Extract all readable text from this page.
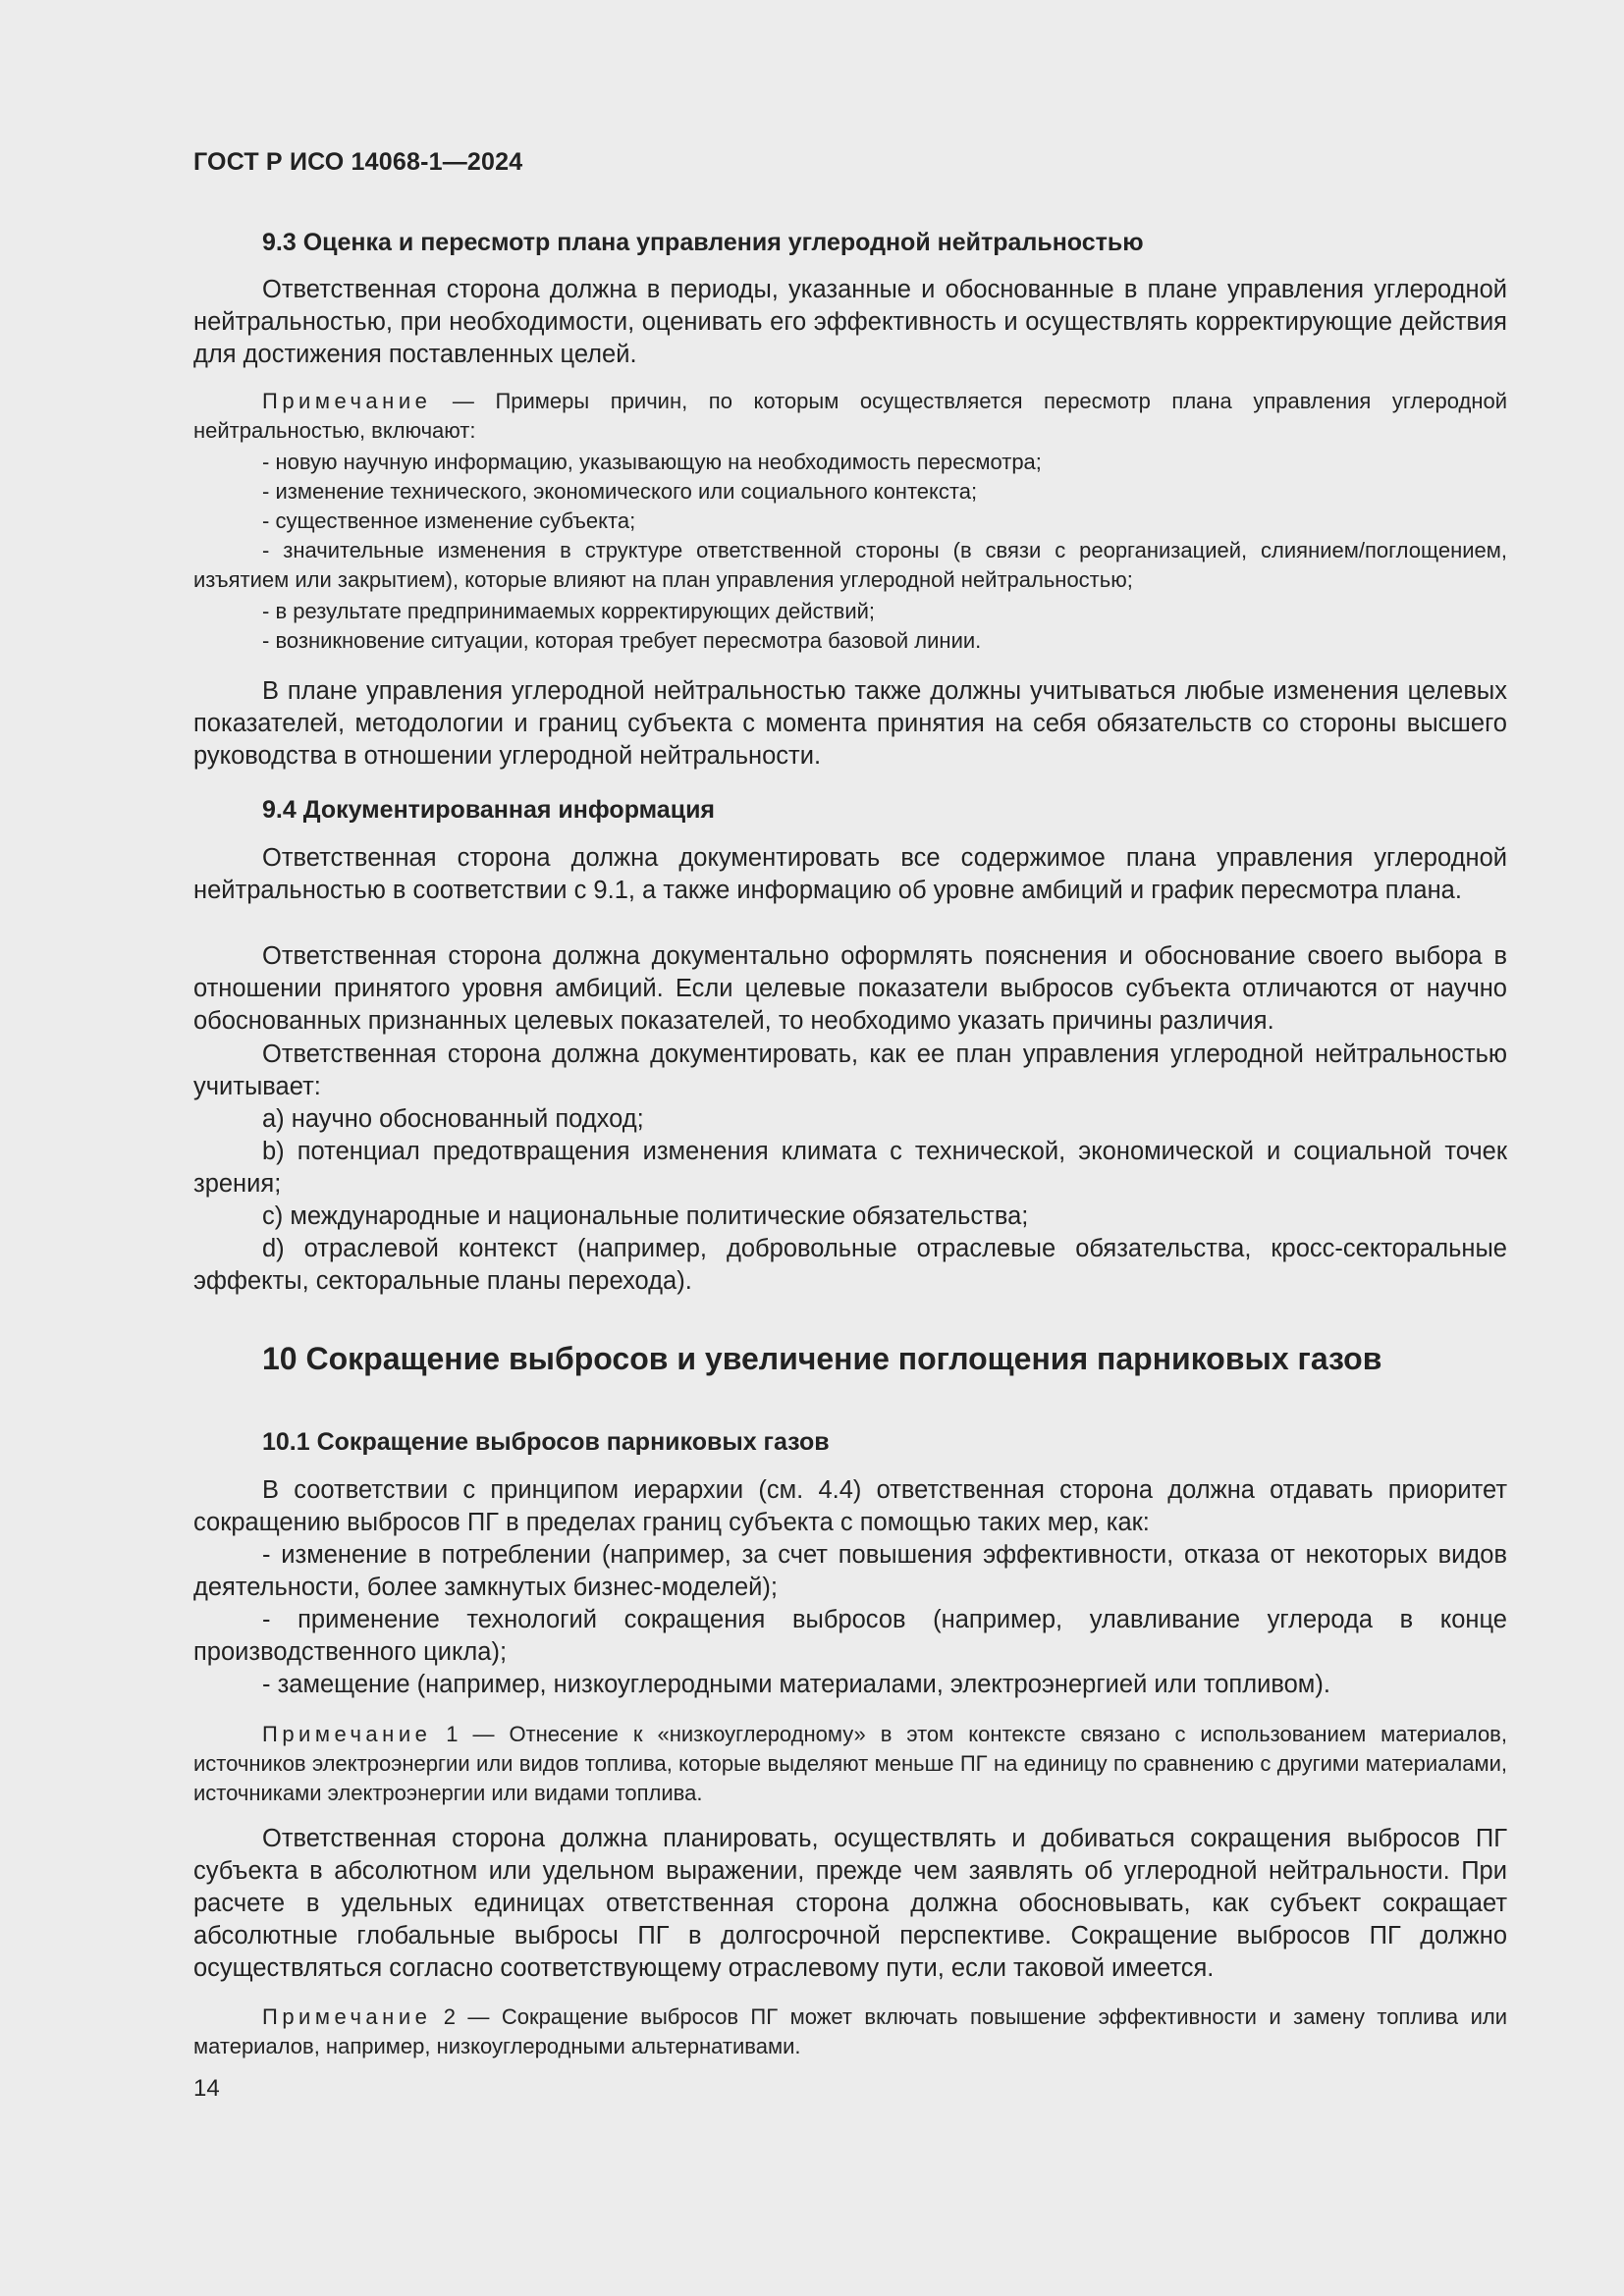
ГОСТ Р ИСО 14068-1—2024
9.3 Оценка и пересмотр плана управления углеродной нейтральностью

Ответственная сторона должна в периоды, указанные и обоснованные в плане управления углеродной нейтральностью, при необходимости, оценивать его эффективность и осуществлять корректирующие действия для достижения поставленных целей.

Примечание — Примеры причин, по которым осуществляется пересмотр плана управления углеродной нейтральностью, включают:

- новую научную информацию, указывающую на необходимость пересмотра;

- изменение технического, экономического или социального контекста;

- существенное изменение субъекта;

- значительные изменения в структуре ответственной стороны (в связи с реорганизацией, слиянием/поглощением, изъятием или закрытием), которые влияют на план управления углеродной нейтральностью;

- в результате предпринимаемых корректирующих действий;

- возникновение ситуации, которая требует пересмотра базовой линии.

В плане управления углеродной нейтральностью также должны учитываться любые изменения целевых показателей, методологии и границ субъекта с момента принятия на себя обязательств со стороны высшего руководства в отношении углеродной нейтральности.

9.4 Документированная информация

Ответственная сторона должна документировать все содержимое плана управления углеродной нейтральностью в соответствии с 9.1, а также информацию об уровне амбиций и график пересмотра плана.

Ответственная сторона должна документально оформлять пояснения и обоснование своего выбора в отношении принятого уровня амбиций. Если целевые показатели выбросов субъекта отличаются от научно обоснованных признанных целевых показателей, то необходимо указать причины различия.

Ответственная сторона должна документировать, как ее план управления углеродной нейтральностью учитывает:

a) научно обоснованный подход;

b) потенциал предотвращения изменения климата с технической, экономической и социальной точек зрения;

c) международные и национальные политические обязательства;

d) отраслевой контекст (например, добровольные отраслевые обязательства, кросс-секторальные эффекты, секторальные планы перехода).

10 Сокращение выбросов и увеличение поглощения парниковых газов
10.1 Сокращение выбросов парниковых газов

В соответствии с принципом иерархии (см. 4.4) ответственная сторона должна отдавать приоритет сокращению выбросов ПГ в пределах границ субъекта с помощью таких мер, как:

- изменение в потреблении (например, за счет повышения эффективности, отказа от некоторых видов деятельности, более замкнутых бизнес-моделей);

- применение технологий сокращения выбросов (например, улавливание углерода в конце производственного цикла);

- замещение (например, низкоуглеродными материалами, электроэнергией или топливом).

Примечание 1 — Отнесение к «низкоуглеродному» в этом контексте связано с использованием материалов, источников электроэнергии или видов топлива, которые выделяют меньше ПГ на единицу по сравнению с другими материалами, источниками электроэнергии или видами топлива.

Ответственная сторона должна планировать, осуществлять и добиваться сокращения выбросов ПГ субъекта в абсолютном или удельном выражении, прежде чем заявлять об углеродной нейтральности. При расчете в удельных единицах ответственная сторона должна обосновывать, как субъект сокращает абсолютные глобальные выбросы ПГ в долгосрочной перспективе. Сокращение выбросов ПГ должно осуществляться согласно соответствующему отраслевому пути, если таковой имеется.

Примечание 2 — Сокращение выбросов ПГ может включать повышение эффективности и замену топлива или материалов, например, низкоуглеродными альтернативами.

14
